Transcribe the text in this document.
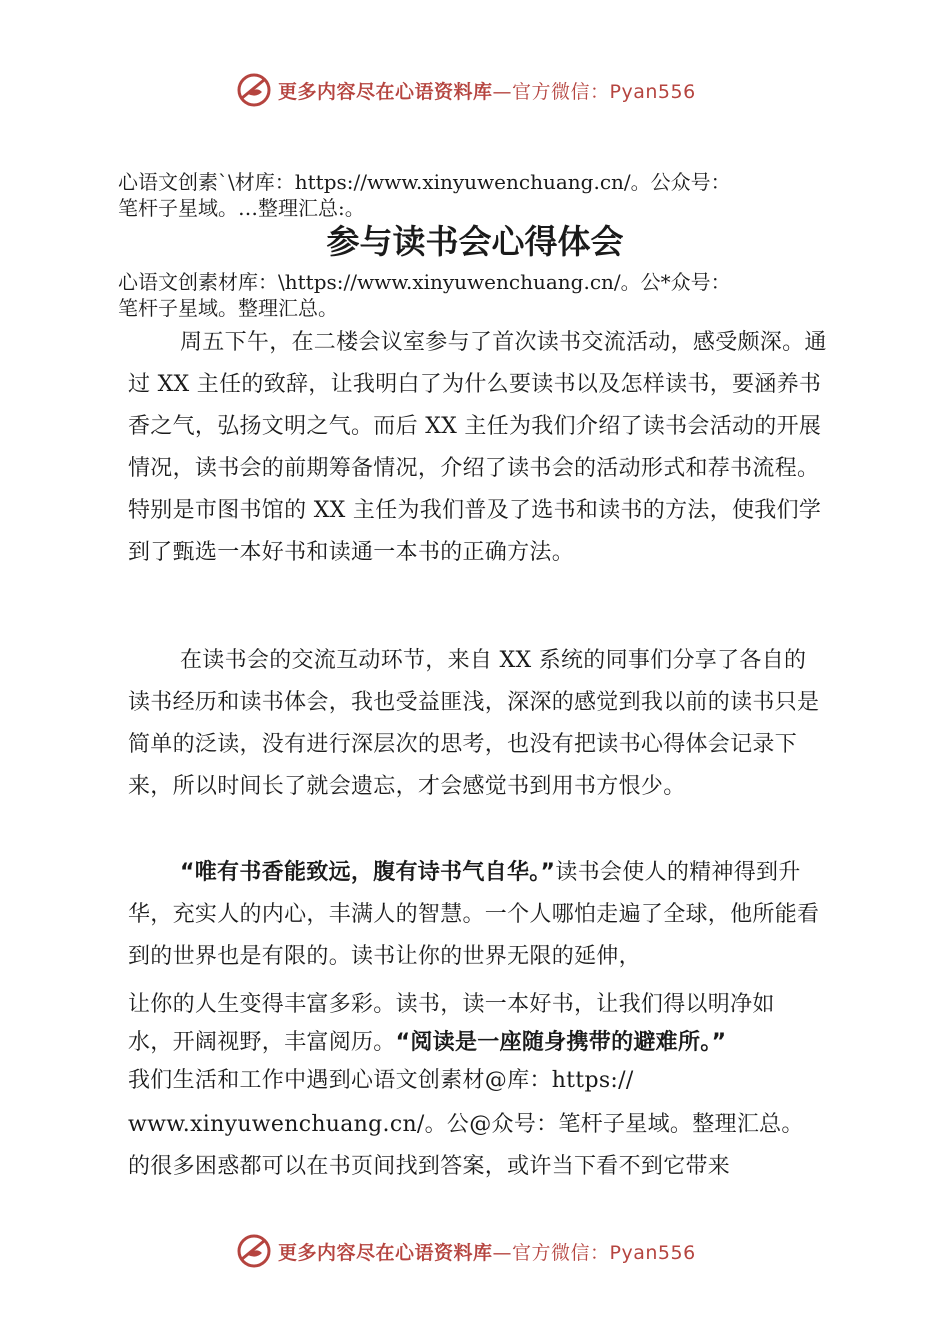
更多内容尽在心语资料库—官方微信：Pyan556
心语文创素`\材库：https://www.xinyuwenchuang.cn/。公众号：
笔杆子星域。…整理汇总:。
参与读书会心得体会
心语文创素材库：\https://www.xinyuwenchuang.cn/。公*众号：
笔杆子星域。整理汇总。

周五下午，在二楼会议室参与了首次读书交流活动，感受颇深。通过 XX 主任的致辞，让我明白了为什么要读书以及怎样读书，要涵养书香之气，弘扬文明之气。而后 XX 主任为我们介绍了读书会活动的开展情况，读书会的前期筹备情况，介绍了读书会的活动形式和荐书流程。特别是市图书馆的 XX 主任为我们普及了选书和读书的方法，使我们学到了甄选一本好书和读通一本书的正确方法。

在读书会的交流互动环节，来自 XX 系统的同事们分享了各自的读书经历和读书体会，我也受益匪浅，深深的感觉到我以前的读书只是简单的泛读，没有进行深层次的思考，也没有把读书心得体会记录下来，所以时间长了就会遗忘，才会感觉书到用书方恨少。

“唯有书香能致远，腹有诗书气自华。”读书会使人的精神得到升华，充实人的内心，丰满人的智慧。一个人哪怕走遍了全球，他所能看到的世界也是有限的。读书让你的世界无限的延伸，

让你的人生变得丰富多彩。读书，读一本好书，让我们得以明净如

水，开阔视野，丰富阅历。“阅读是一座随身携带的避难所。”

我们生活和工作中遇到心语文创素材@库：https://

www.xinyuwenchuang.cn/。公@众号：笔杆子星域。整理汇总。

的很多困惑都可以在书页间找到答案，或许当下看不到它带来

更多内容尽在心语资料库—官方微信：Pyan556
